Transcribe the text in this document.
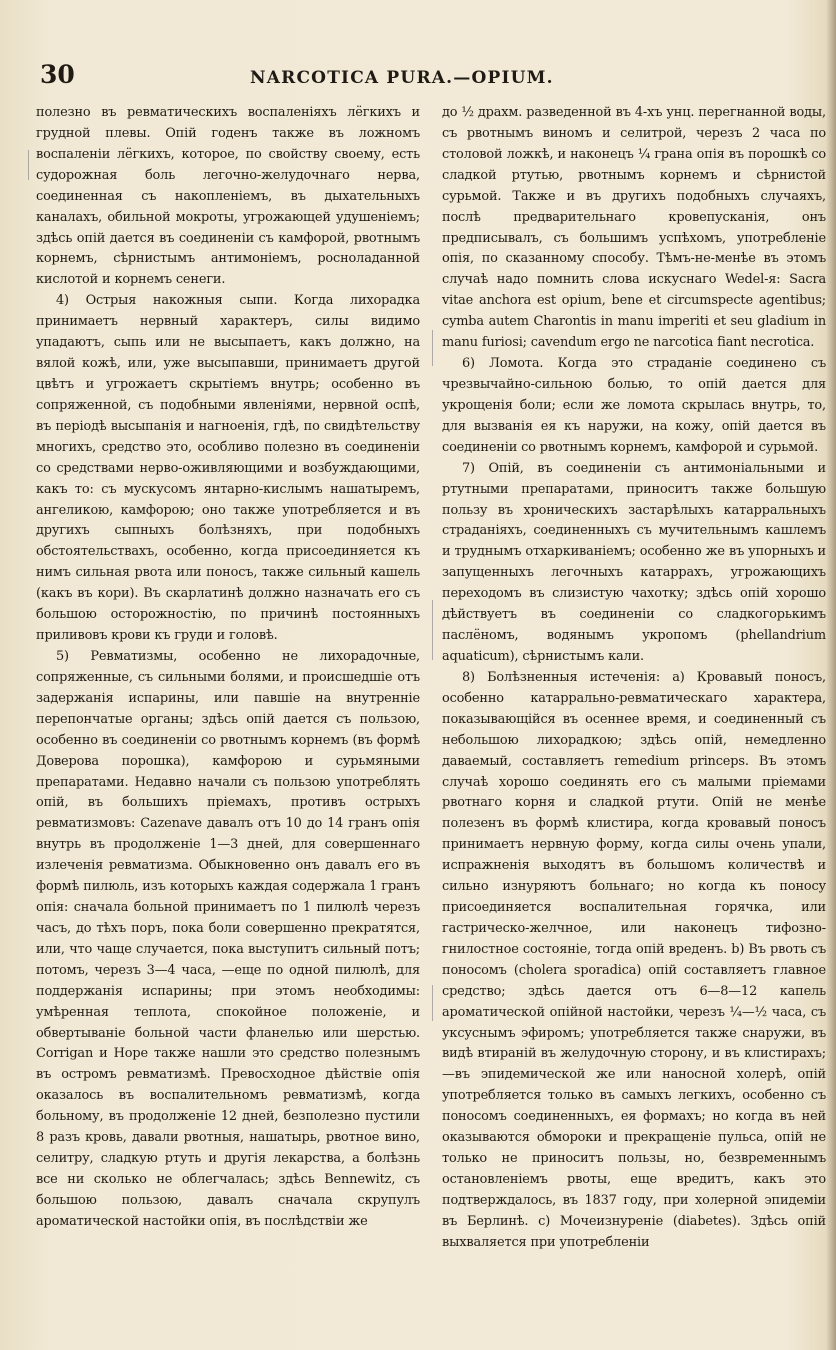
30	NARCOTICA PURA.—OPIUM.

полезно въ ревматическихъ воспаленіяхъ лёгкихъ и грудной плевы. Опій годенъ также въ ложномъ воспаленіи лёгкихъ, которое, по свойству своему, есть судорожная боль легочно-желудочнаго нерва, соединенная съ накопленіемъ, въ дыхательныхъ каналахъ, обильной мокроты, угрожающей удушеніемъ; здѣсь опій дается въ соединеніи съ камфорой, рвотнымъ корнемъ, сѣрнистымъ антимоніемъ, росноладанной кислотой и корнемъ сенеги.

4) Острыя накожныя сыпи. Когда лихорадка принимаетъ нервный характеръ, силы видимо упадаютъ, сыпь или не высыпаетъ, какъ должно, на вялой кожѣ, или, уже высыпавши, принимаетъ другой цвѣтъ и угрожаетъ скрытіемъ внутрь; особенно въ сопряженной, съ подобными явленіями, нервной оспѣ, въ періодѣ высыпанія и нагноенія, гдѣ, по свидѣтельству многихъ, средство это, особливо полезно въ соединеніи со средствами нерво-оживляющими и возбуждающими, какъ то: съ мускусомъ янтарно-кислымъ нашатыремъ, ангеликою, камфорою; оно также употребляется и въ другихъ сыпныхъ болѣзняхъ, при подобныхъ обстоятельствахъ, особенно, когда присоединяется къ нимъ сильная рвота или поносъ, также сильный кашель (какъ въ кори). Въ скарлатинѣ должно назначать его съ большою осторожностію, по причинѣ постоянныхъ приливовъ крови къ груди и головѣ.

5) Ревматизмы, особенно не лихорадочные, сопряженные, съ сильными болями, и происшедшіе отъ задержанія испарины, или павшіе на внутренніе перепончатые органы; здѣсь опій дается съ пользою, особенно въ соединеніи со рвотнымъ корнемъ (въ формѣ Доверова порошка), камфорою и сурьмяными препаратами. Недавно начали съ пользою употреблять опій, въ большихъ пріемахъ, противъ острыхъ ревматизмовъ: Cazenave давалъ отъ 10 до 14 гранъ опія внутрь въ продолженіе 1—3 дней, для совершеннаго излеченія ревматизма. Обыкновенно онъ давалъ его въ формѣ пилюль, изъ которыхъ каждая содержала 1 гранъ опія: сначала больной принимаетъ по 1 пилюлѣ черезъ часъ, до тѣхъ поръ, пока боли совершенно прекратятся, или, что чаще случается, пока выступитъ сильный потъ; потомъ, черезъ 3—4 часа, —еще по одной пилюлѣ, для поддержанія испарины; при этомъ необходимы: умѣренная теплота, спокойное положеніе, и обвертываніе больной части фланелью или шерстью. Corrigan и Hope также нашли это средство полезнымъ въ остромъ ревматизмѣ. Превосходное дѣйствіе опія оказалось въ воспалительномъ ревматизмѣ, когда больному, въ продолженіе 12 дней, безполезно пустили 8 разъ кровь, давали рвотныя, нашатырь, рвотное вино, селитру, сладкую ртуть и другія лекарства, а болѣзнь все ни сколько не облегчалась; здѣсь Bennewitz, съ большою пользою, давалъ сначала скрупулъ ароматической настойки опія, въ послѣдствіи же

до ½ драхм. разведенной въ 4-хъ унц. перегнанной воды, съ рвотнымъ виномъ и селитрой, черезъ 2 часа по столовой ложкѣ, и наконецъ ¼ грана опія въ порошкѣ со сладкой ртутью, рвотнымъ корнемъ и сѣрнистой сурьмой. Также и въ другихъ подобныхъ случаяхъ, послѣ предварительнаго кровепусканія, онъ предписывалъ, съ большимъ успѣхомъ, употребленіе опія, по сказанному способу. Тѣмъ-не-менѣе въ этомъ случаѣ надо помнить слова искуснаго Wedel-я: Sacra vitae anchora est opium, bene et circumspecte agentibus; cymba autem Charontis in manu imperiti et seu gladium in manu furiosi; cavendum ergo ne narcotica fiant necrotica.

6) Ломота. Когда это страданіе соединено съ чрезвычайно-сильною болью, то опій дается для укрощенія боли; если же ломота скрылась внутрь, то, для вызванія ея къ наружи, на кожу, опій дается въ соединеніи со рвотнымъ корнемъ, камфорой и сурьмой.

7) Опій, въ соединеніи съ антимоніальными и ртутными препаратами, приноситъ также большую пользу въ хроническихъ застарѣлыхъ катарральныхъ страданіяхъ, соединенныхъ съ мучительнымъ кашлемъ и труднымъ отхаркиваніемъ; особенно же въ упорныхъ и запущенныхъ легочныхъ катаррахъ, угрожающихъ переходомъ въ слизистую чахотку; здѣсь опій хорошо дѣйствуетъ въ соединеніи со сладкогорькимъ паслёномъ, водянымъ укропомъ (phellandrium aquaticum), сѣрнистымъ кали.

8) Болѣзненныя истеченія: а) Кровавый поносъ, особенно катаррально-ревматическаго характера, показывающійся въ осеннее время, и соединенный съ небольшою лихорадкою; здѣсь опій, немедленно даваемый, составляетъ remedium princeps. Въ этомъ случаѣ хорошо соединять его съ малыми пріемами рвотнаго корня и сладкой ртути. Опій не менѣе полезенъ въ формѣ клистира, когда кровавый поносъ принимаетъ нервную форму, когда силы очень упали, испражненія выходятъ въ большомъ количествѣ и сильно изнуряютъ больнаго; но когда къ поносу присоединяется воспалительная горячка, или гастрическо-желчное, или наконецъ тифозно-гнилостное состояніе, тогда опій вреденъ. b) Въ рвоть съ поносомъ (cholera sporadica) опій составляетъ главное средство; здѣсь дается отъ 6—8—12 капель ароматической опійной настойки, черезъ ¼—½ часа, съ уксуснымъ эфиромъ; употребляется также снаружи, въ видѣ втираній въ желудочную сторону, и въ клистирахъ;—въ эпидемической же или наносной холерѣ, опій употребляется только въ самыхъ легкихъ, особенно съ поносомъ соединенныхъ, ея формахъ; но когда въ ней оказываются обмороки и прекращеніе пульса, опій не только не приноситъ пользы, но, безвременнымъ остановленіемъ рвоты, еще вредитъ, какъ это подтверждалось, въ 1837 году, при холерной эпидеміи въ Берлинѣ. с) Мочеизнуреніе (diabetes). Здѣсь опій выхваляется при употребленіи
